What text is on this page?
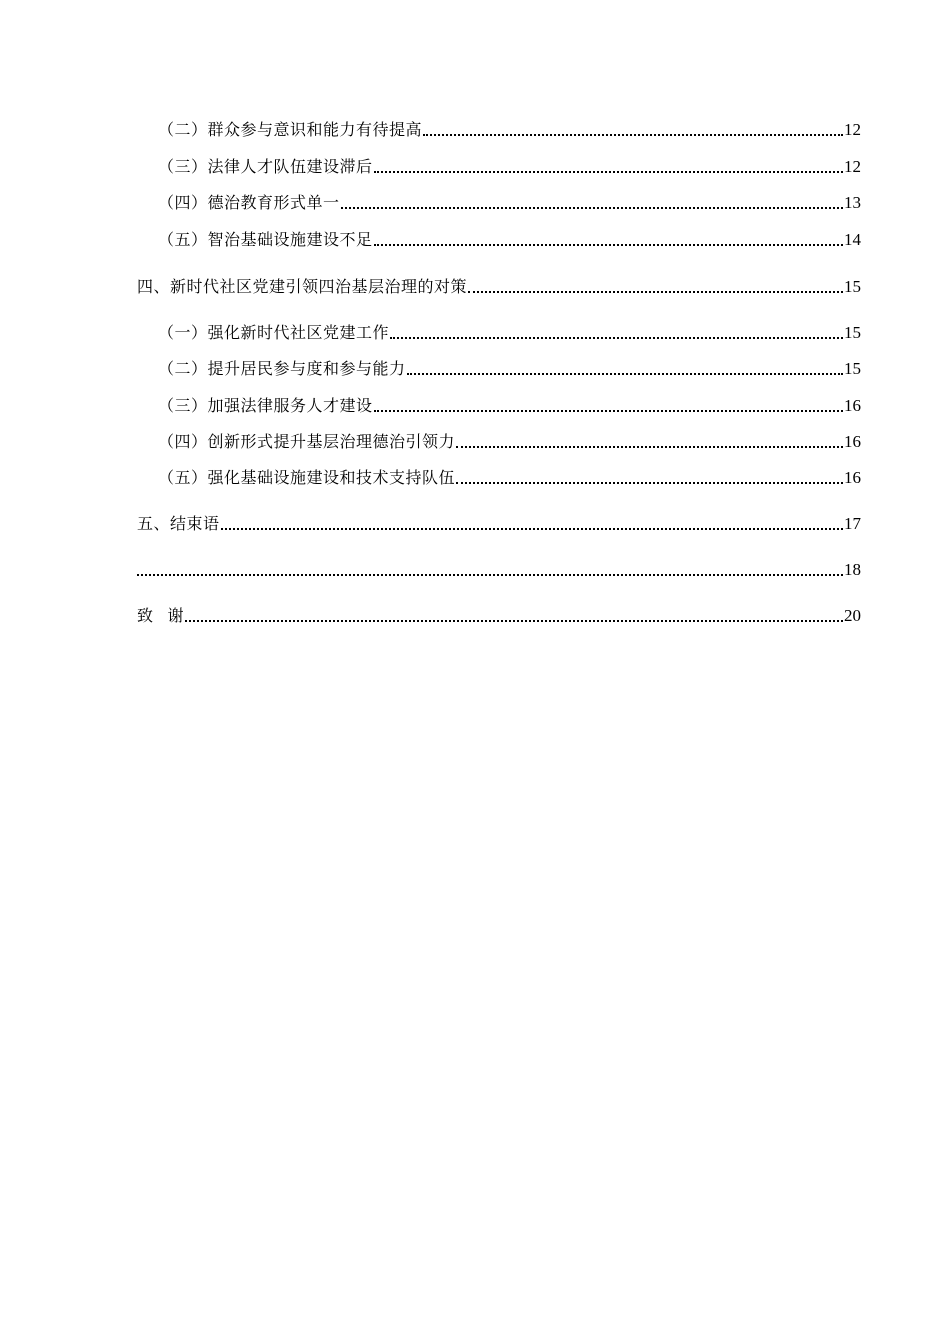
（二）群众参与意识和能力有待提高	12
（三）法律人才队伍建设滞后	12
（四）德治教育形式单一	13
（五）智治基础设施建设不足	14
四、新时代社区党建引领四治基层治理的对策	15
（一）强化新时代社区党建工作	15
（二）提升居民参与度和参与能力	15
（三）加强法律服务人才建设	16
（四）创新形式提升基层治理德治引领力	16
（五）强化基础设施建设和技术支持队伍	16
五、结束语	17
18
致 谢	20
